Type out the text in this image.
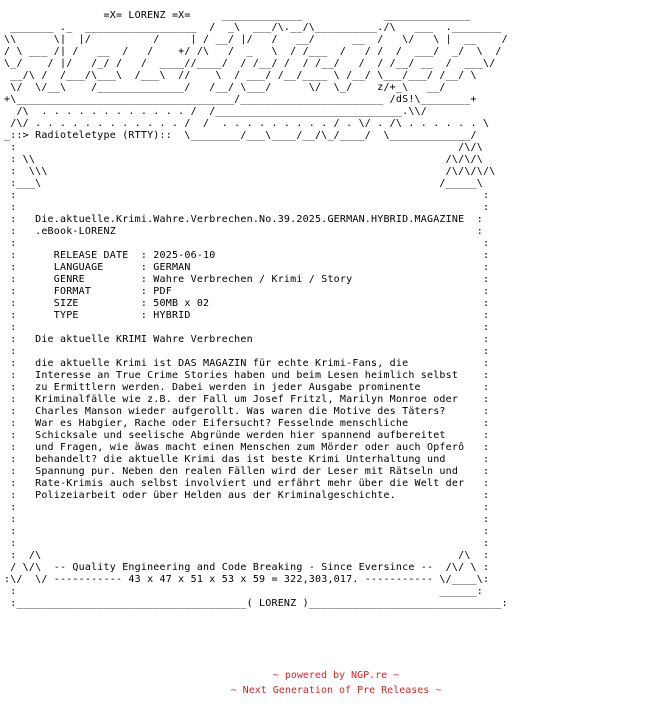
=X= LORENZ =X=     _____________             ______________
_______ ._  __________________  /  _\  ___/\.__/\__________./\   ___  .________
\\      \|  |/          /     | / __/ |/   /   __/      __  /   \/   \ |  __    /
/ \ ___ /| /   __  /   /    +/ /\   /  _   \  / /___  /   / /  /  ___/  _/  \  /
\_/    / |/   /_/ /   /  ____//____/  / /__/ /  / /__/   /  / /__/ __  /  ___\/
__/\ /  /___/\___\  /___\  //    \  / ___/ /__/____ \ /__/ \___/___/ /__/ \
\/  \/__\    /______________/   /__/ \___/      \/  \_/    z/+_\   __/
+\___________________________________/_______________________ /dS!\________+
/\  . . . . . . . . . . . . /  /______________________________.\\/
/\/ . . . . . . . . . . . . /  /  . . . . . . . . . / . \/ . /\ . . . . . . \
_::> Radioteletype (RTTY)::  \________/___\____/__/\_/____/  \_____________/
:                                                                       /\/\
: \\                                                                  /\/\/\
:  \\\                                                                /\/\/\/\
:___\                                                                /_____\
:                                                                           :
:                                                                           :
:   Die.aktuelle.Krimi.Wahre.Verbrechen.No.39.2025.GERMAN.HYBRID.MAGAZINE  :
:   .eBook-LORENZ                                                          :
:                                                                           :
:      RELEASE DATE  : 2025-06-10                                           :
:      LANGUAGE      : GERMAN                                               :
:      GENRE         : Wahre Verbrechen / Krimi / Story                     :
:      FORMAT        : PDF                                                  :
:      SIZE          : 50MB x 02                                            :
:      TYPE          : HYBRID                                               :
:                                                                           :
:   Die aktuelle KRIMI Wahre Verbrechen                                     :
:                                                                           :
:   die aktuelle Krimi ist DAS MAGAZIN für echte Krimi-Fans, die            :
:   Interesse an True Crime Stories haben und beim Lesen heimlich selbst    :
:   zu Ermittlern werden. Dabei werden in jeder Ausgabe prominente          :
:   Kriminalfälle wie z.B. der Fall um Josef Fritzl, Marilyn Monroe oder    :
:   Charles Manson wieder aufgerollt. Was waren die Motive des Täters?      :
:   War es Habgier, Rache oder Eifersucht? Fesselnde menschliche            :
:   Schicksale und seelische Abgründe werden hier spannend aufbereitet      :
:   und Fragen, wie äwas macht einen Menschen zum Mörder oder auch Opferô   :
:   behandelt? die aktuelle Krimi das ist beste Krimi Unterhaltung und      :
:   Spannung pur. Neben den realen Fällen wird der Leser mit Rätseln und    :
:   Rate-Krimis auch selbst involviert und erfährt mehr über die Welt der   :
:   Polizeiarbeit oder über Helden aus der Kriminalgeschichte.              :
:                                                                           :
:                                                                           :
:                                                                           :
:                                                                           :
:  /\                                                                   /\  :
/ \/\  -- Quality Engineering and Code Breaking - Since Eversince --  /\/ \ :
:\/  \/ ----------- 43 x 47 x 51 x 53 x 59 = 322,303,017. ----------- \/____\:
:                                                                    ______:
:_____________________________________( LORENZ )_______________________________:
~ powered by NGP.re ~
~ Next Generation of Pre Releases ~
